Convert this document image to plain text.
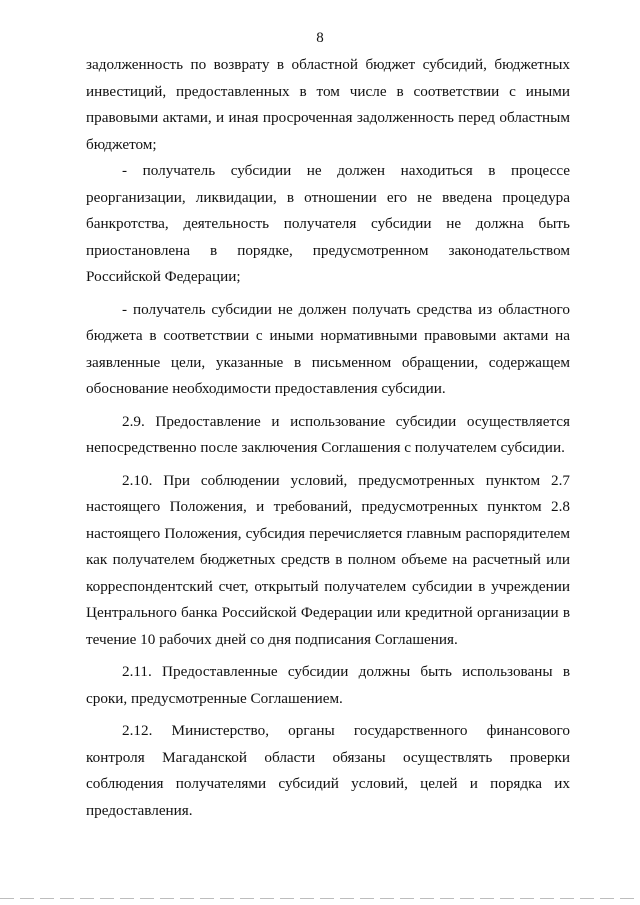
8

задолженность по возврату в областной бюджет субсидий, бюджетных инвестиций, предоставленных в том числе в соответствии с иными правовыми актами, и иная просроченная задолженность перед областным бюджетом;

- получатель субсидии не должен находиться в процессе реорганизации, ликвидации, в отношении его не введена процедура банкротства, деятельность получателя субсидии не должна быть приостановлена в порядке, предусмотренном законодательством Российской Федерации;

- получатель субсидии не должен получать средства из областного бюджета в соответствии с иными нормативными правовыми актами на заявленные цели, указанные в письменном обращении, содержащем обоснование необходимости предоставления субсидии.

2.9. Предоставление и использование субсидии осуществляется непосредственно после заключения Соглашения с получателем субсидии.

2.10. При соблюдении условий, предусмотренных пунктом 2.7 настоящего Положения, и требований, предусмотренных пунктом 2.8 настоящего Положения, субсидия перечисляется главным распорядителем как получателем бюджетных средств в полном объеме на расчетный или корреспондентский счет, открытый получателем субсидии в учреждении Центрального банка Российской Федерации или кредитной организации в течение 10 рабочих дней со дня подписания Соглашения.

2.11. Предоставленные субсидии должны быть использованы в сроки, предусмотренные Соглашением.

2.12. Министерство, органы государственного финансового контроля Магаданской области обязаны осуществлять проверки соблюдения получателями субсидий условий, целей и порядка их предоставления.
